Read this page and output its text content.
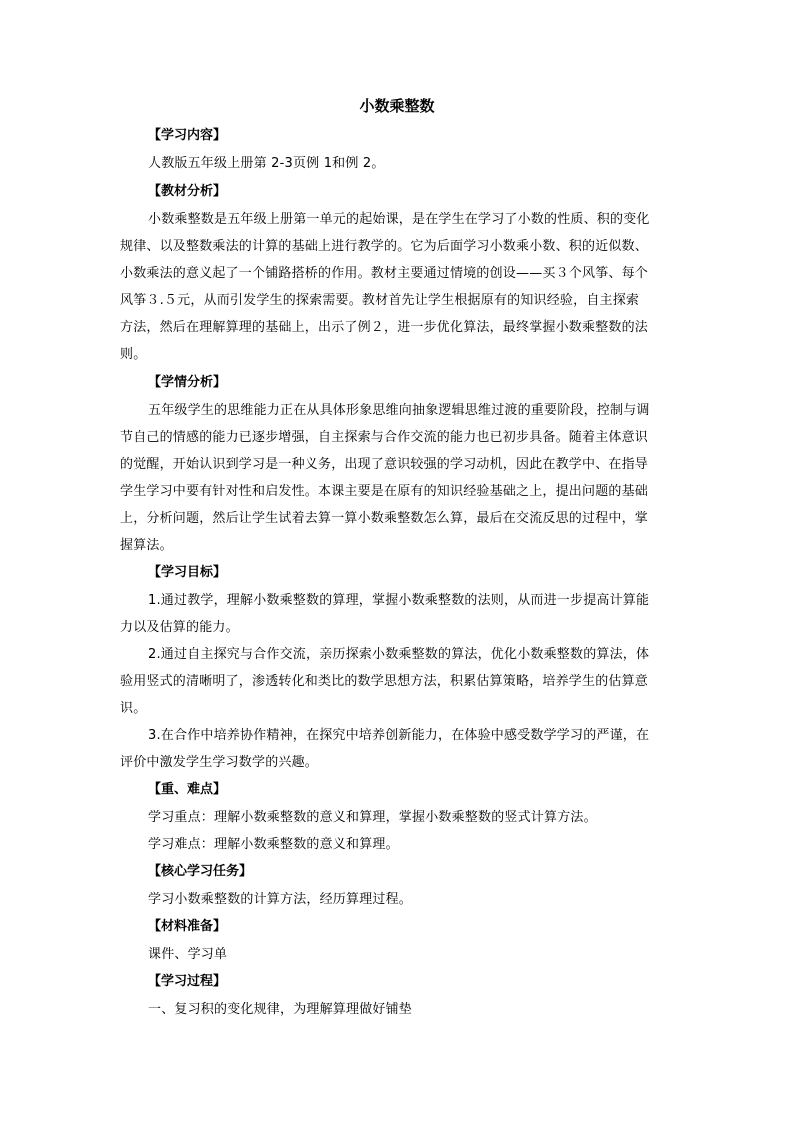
小数乘整数
【学习内容】
人教版五年级上册第 2-3页例 1和例 2。
【教材分析】
小数乘整数是五年级上册第一单元的起始课，是在学生在学习了小数的性质、积的变化
规律、以及整数乘法的计算的基础上进行教学的。它为后面学习小数乘小数、积的近似数、
小数乘法的意义起了一个铺路搭桥的作用。教材主要通过情境的创设——买３个风筝、每个
风筝３.５元，从而引发学生的探索需要。教材首先让学生根据原有的知识经验，自主探索
方法，然后在理解算理的基础上，出示了例２，进一步优化算法，最终掌握小数乘整数的法
则。
【学情分析】
五年级学生的思维能力正在从具体形象思维向抽象逻辑思维过渡的重要阶段，控制与调
节自己的情感的能力已逐步增强，自主探索与合作交流的能力也已初步具备。随着主体意识
的觉醒，开始认识到学习是一种义务，出现了意识较强的学习动机，因此在教学中、在指导
学生学习中要有针对性和启发性。本课主要是在原有的知识经验基础之上，提出问题的基础
上，分析问题，然后让学生试着去算一算小数乘整数怎么算，最后在交流反思的过程中，掌
握算法。
【学习目标】
1.通过教学，理解小数乘整数的算理，掌握小数乘整数的法则，从而进一步提高计算能
力以及估算的能力。
2.通过自主探究与合作交流，亲历探索小数乘整数的算法，优化小数乘整数的算法，体
验用竖式的清晰明了，渗透转化和类比的数学思想方法，积累估算策略，培养学生的估算意
识。
3.在合作中培养协作精神，在探究中培养创新能力，在体验中感受数学学习的严谨，在
评价中激发学生学习数学的兴趣。
【重、难点】
学习重点：理解小数乘整数的意义和算理，掌握小数乘整数的竖式计算方法。
学习难点：理解小数乘整数的意义和算理。
【核心学习任务】
学习小数乘整数的计算方法，经历算理过程。
【材料准备】
课件、学习单
【学习过程】
一、复习积的变化规律，为理解算理做好铺垫
